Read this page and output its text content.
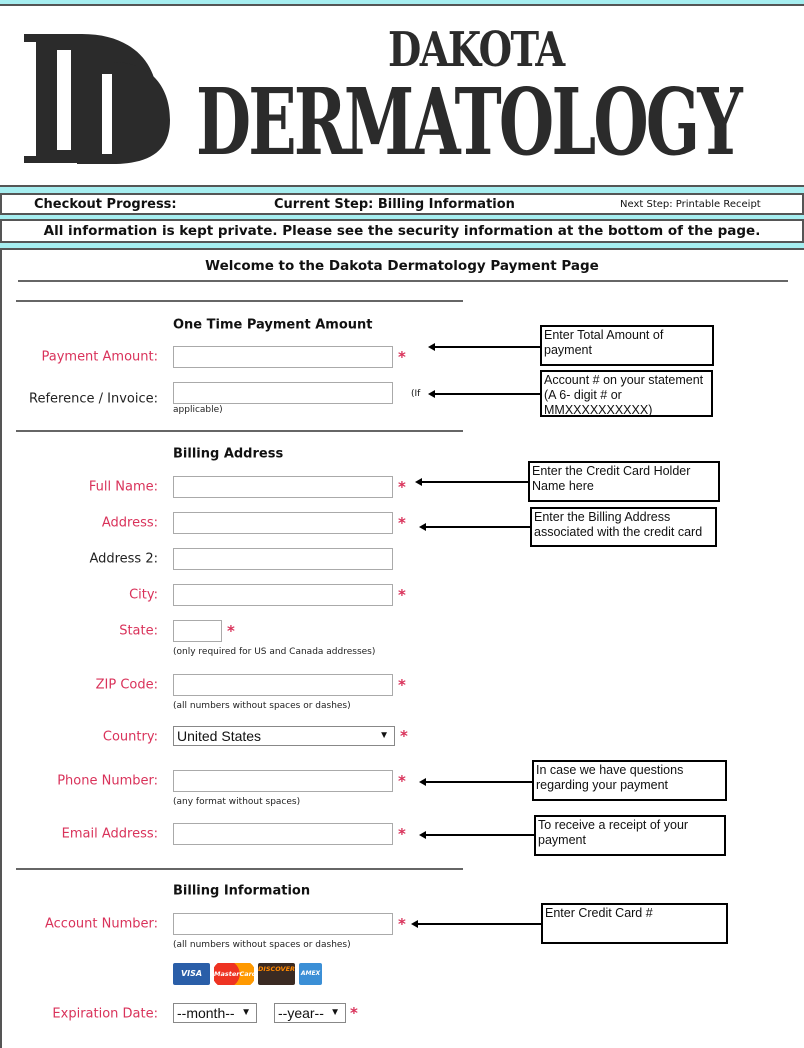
DAKOTA
DERMATOLOGY
Checkout Progress:	Current Step: Billing Information	Next Step: Printable Receipt
All information is kept private. Please see the security information at the bottom of the page.
Welcome to the Dakota Dermatology Payment Page
One Time Payment Amount
Payment Amount:	*
Reference / Invoice:	(If
applicable)
Billing Address
Full Name:	*
Address:	*
Address 2:
City:	*
State:	*
(only required for US and Canada addresses)
ZIP Code:	*
(all numbers without spaces or dashes)
Country: United States	▼ *
Phone Number:	*
(any format without spaces)
Email Address:	*
Billing Information
Account Number:	*
(all numbers without spaces or dashes)
VISA	MasterCard
DISCOVER
AMEX
Expiration Date: --month-- ▼ --year-- ▼ *
Enter Total Amount of payment
Account # on your statement (A 6- digit # or MMXXXXXXXXXX)
Enter the Credit Card Holder Name here
Enter the Billing Address associated with the credit card
In case we have questions regarding your payment
To receive a receipt of your payment
Enter Credit Card #
